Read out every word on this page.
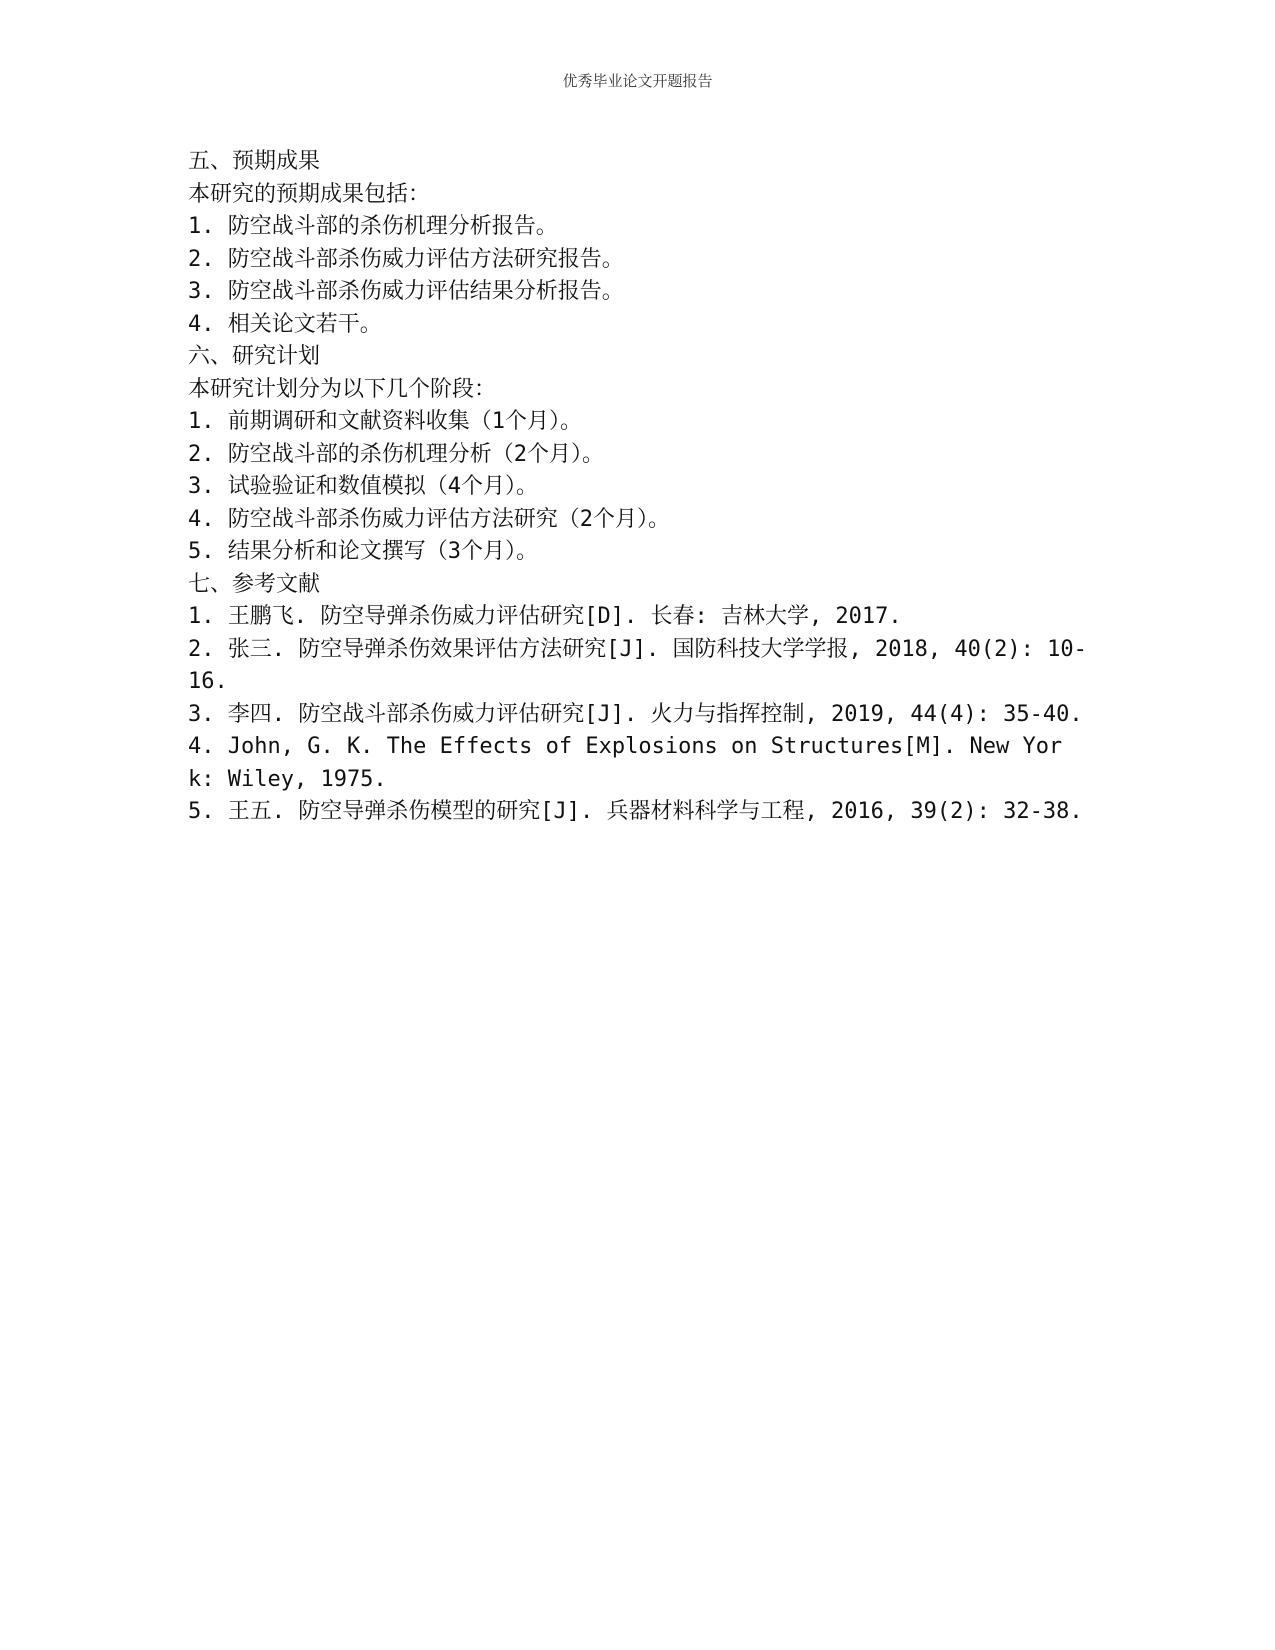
优秀毕业论文开题报告
五、预期成果
本研究的预期成果包括：
1. 防空战斗部的杀伤机理分析报告。
2. 防空战斗部杀伤威力评估方法研究报告。
3. 防空战斗部杀伤威力评估结果分析报告。
4. 相关论文若干。
六、研究计划
本研究计划分为以下几个阶段：
1. 前期调研和文献资料收集（1个月）。
2. 防空战斗部的杀伤机理分析（2个月）。
3. 试验验证和数值模拟（4个月）。
4. 防空战斗部杀伤威力评估方法研究（2个月）。
5. 结果分析和论文撰写（3个月）。
七、参考文献
1. 王鹏飞. 防空导弹杀伤威力评估研究[D]. 长春: 吉林大学, 2017.
2. 张三. 防空导弹杀伤效果评估方法研究[J]. 国防科技大学学报, 2018, 40(2): 10-16.
3. 李四. 防空战斗部杀伤威力评估研究[J]. 火力与指挥控制, 2019, 44(4): 35-40.
4. John, G. K. The Effects of Explosions on Structures[M]. New York: Wiley, 1975.
5. 王五. 防空导弹杀伤模型的研究[J]. 兵器材料科学与工程, 2016, 39(2): 32-38.
